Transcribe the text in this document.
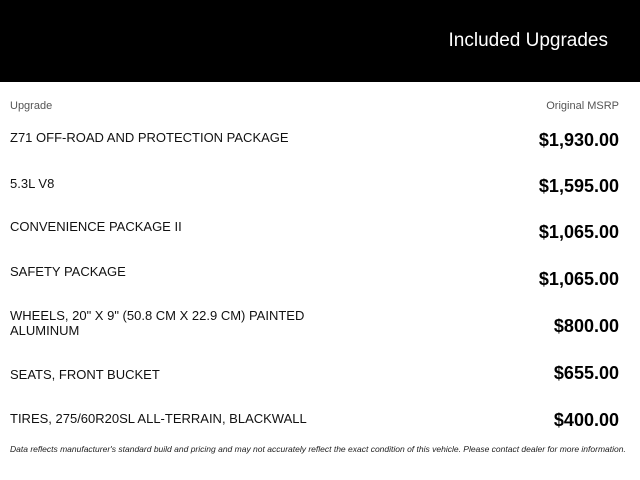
Included Upgrades
Upgrade	Original MSRP
Z71 OFF-ROAD AND PROTECTION PACKAGE	$1,930.00
5.3L V8	$1,595.00
CONVENIENCE PACKAGE II	$1,065.00
SAFETY PACKAGE	$1,065.00
WHEELS, 20" X 9" (50.8 CM X 22.9 CM) PAINTED ALUMINUM	$800.00
SEATS, FRONT BUCKET	$655.00
TIRES, 275/60R20SL ALL-TERRAIN, BLACKWALL	$400.00
Data reflects manufacturer's standard build and pricing and may not accurately reflect the exact condition of this vehicle. Please contact dealer for more information.
